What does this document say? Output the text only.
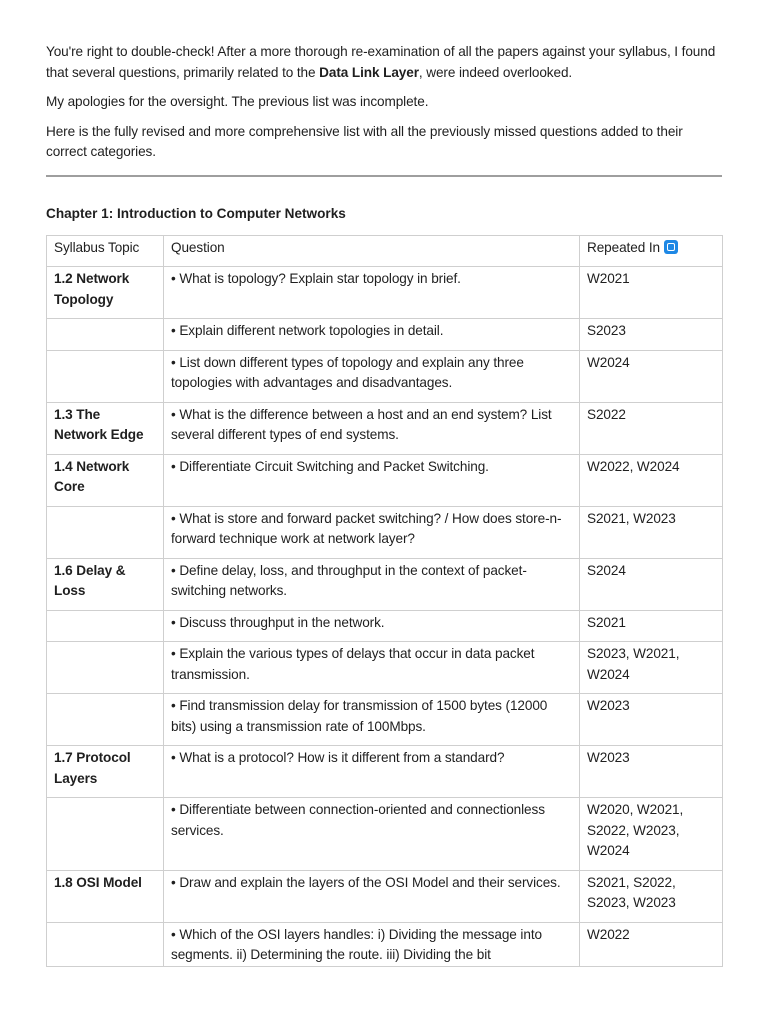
You're right to double-check! After a more thorough re-examination of all the papers against your syllabus, I found that several questions, primarily related to the Data Link Layer, were indeed overlooked.

My apologies for the oversight. The previous list was incomplete.

Here is the fully revised and more comprehensive list with all the previously missed questions added to their correct categories.

Chapter 1: Introduction to Computer Networks
Syllabus Topic	Question	Repeated In
1.2 Network Topology	• What is topology? Explain star topology in brief.	W2021
	• Explain different network topologies in detail.	S2023
	• List down different types of topology and explain any three topologies with advantages and disadvantages.	W2024
1.3 The Network Edge	• What is the difference between a host and an end system? List several different types of end systems.	S2022
1.4 Network Core	• Differentiate Circuit Switching and Packet Switching.	W2022, W2024
	• What is store and forward packet switching? / How does store-n-forward technique work at network layer?	S2021, W2023
1.6 Delay & Loss	• Define delay, loss, and throughput in the context of packet-switching networks.	S2024
	• Discuss throughput in the network.	S2021
	• Explain the various types of delays that occur in data packet transmission.	S2023, W2021, W2024
	• Find transmission delay for transmission of 1500 bytes (12000 bits) using a transmission rate of 100Mbps.	W2023
1.7 Protocol Layers	• What is a protocol? How is it different from a standard?	W2023
	• Differentiate between connection-oriented and connectionless services.	W2020, W2021, S2022, W2023, W2024
1.8 OSI Model	• Draw and explain the layers of the OSI Model and their services.	S2021, S2022, S2023, W2023
	• Which of the OSI layers handles: i) Dividing the message into segments. ii) Determining the route. iii) Dividing the bit	W2022
